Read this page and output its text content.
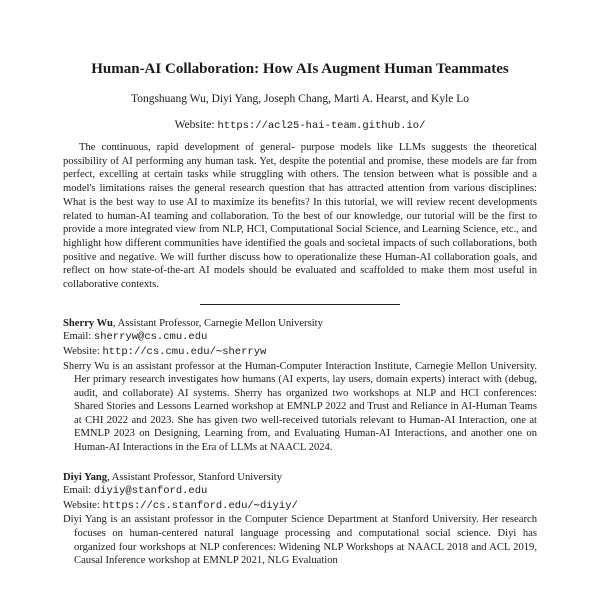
Human-AI Collaboration: How AIs Augment Human Teammates
Tongshuang Wu, Diyi Yang, Joseph Chang, Marti A. Hearst, and Kyle Lo
Website: https://acl25-hai-team.github.io/

The continuous, rapid development of general- purpose models like LLMs suggests the theoretical possibility of AI performing any human task. Yet, despite the potential and promise, these models are far from perfect, excelling at certain tasks while struggling with others. The tension between what is possible and a model's limitations raises the general research question that has attracted attention from various disciplines: What is the best way to use AI to maximize its benefits? In this tutorial, we will review recent developments related to human-AI teaming and collaboration. To the best of our knowledge, our tutorial will be the first to provide a more integrated view from NLP, HCI, Computational Social Science, and Learning Science, etc., and highlight how different communities have identified the goals and societal impacts of such collaborations, both positive and negative. We will further discuss how to operationalize these Human-AI collaboration goals, and reflect on how state-of-the-art AI models should be evaluated and scaffolded to make them most useful in collaborative contexts.

Sherry Wu, Assistant Professor, Carnegie Mellon University

Email: sherryw@cs.cmu.edu

Website: http://cs.cmu.edu/∼sherryw

Sherry Wu is an assistant professor at the Human-Computer Interaction Institute, Carnegie Mellon University. Her primary research investigates how humans (AI experts, lay users, domain experts) interact with (debug, audit, and collaborate) AI systems. Sherry has organized two workshops at NLP and HCI conferences: Shared Stories and Lessons Learned workshop at EMNLP 2022 and Trust and Reliance in AI-Human Teams at CHI 2022 and 2023. She has given two well-received tutorials relevant to Human-AI Interaction, one at EMNLP 2023 on Designing, Learning from, and Evaluating Human-AI Interactions, and another one on Human-AI Interactions in the Era of LLMs at NAACL 2024.

Diyi Yang, Assistant Professor, Stanford University

Email: diyiy@stanford.edu

Website: https://cs.stanford.edu/∼diyiy/

Diyi Yang is an assistant professor in the Computer Science Department at Stanford University. Her research focuses on human-centered natural language processing and computational social science. Diyi has organized four workshops at NLP conferences: Widening NLP Workshops at NAACL 2018 and ACL 2019, Causal Inference workshop at EMNLP 2021, NLG Evaluation
